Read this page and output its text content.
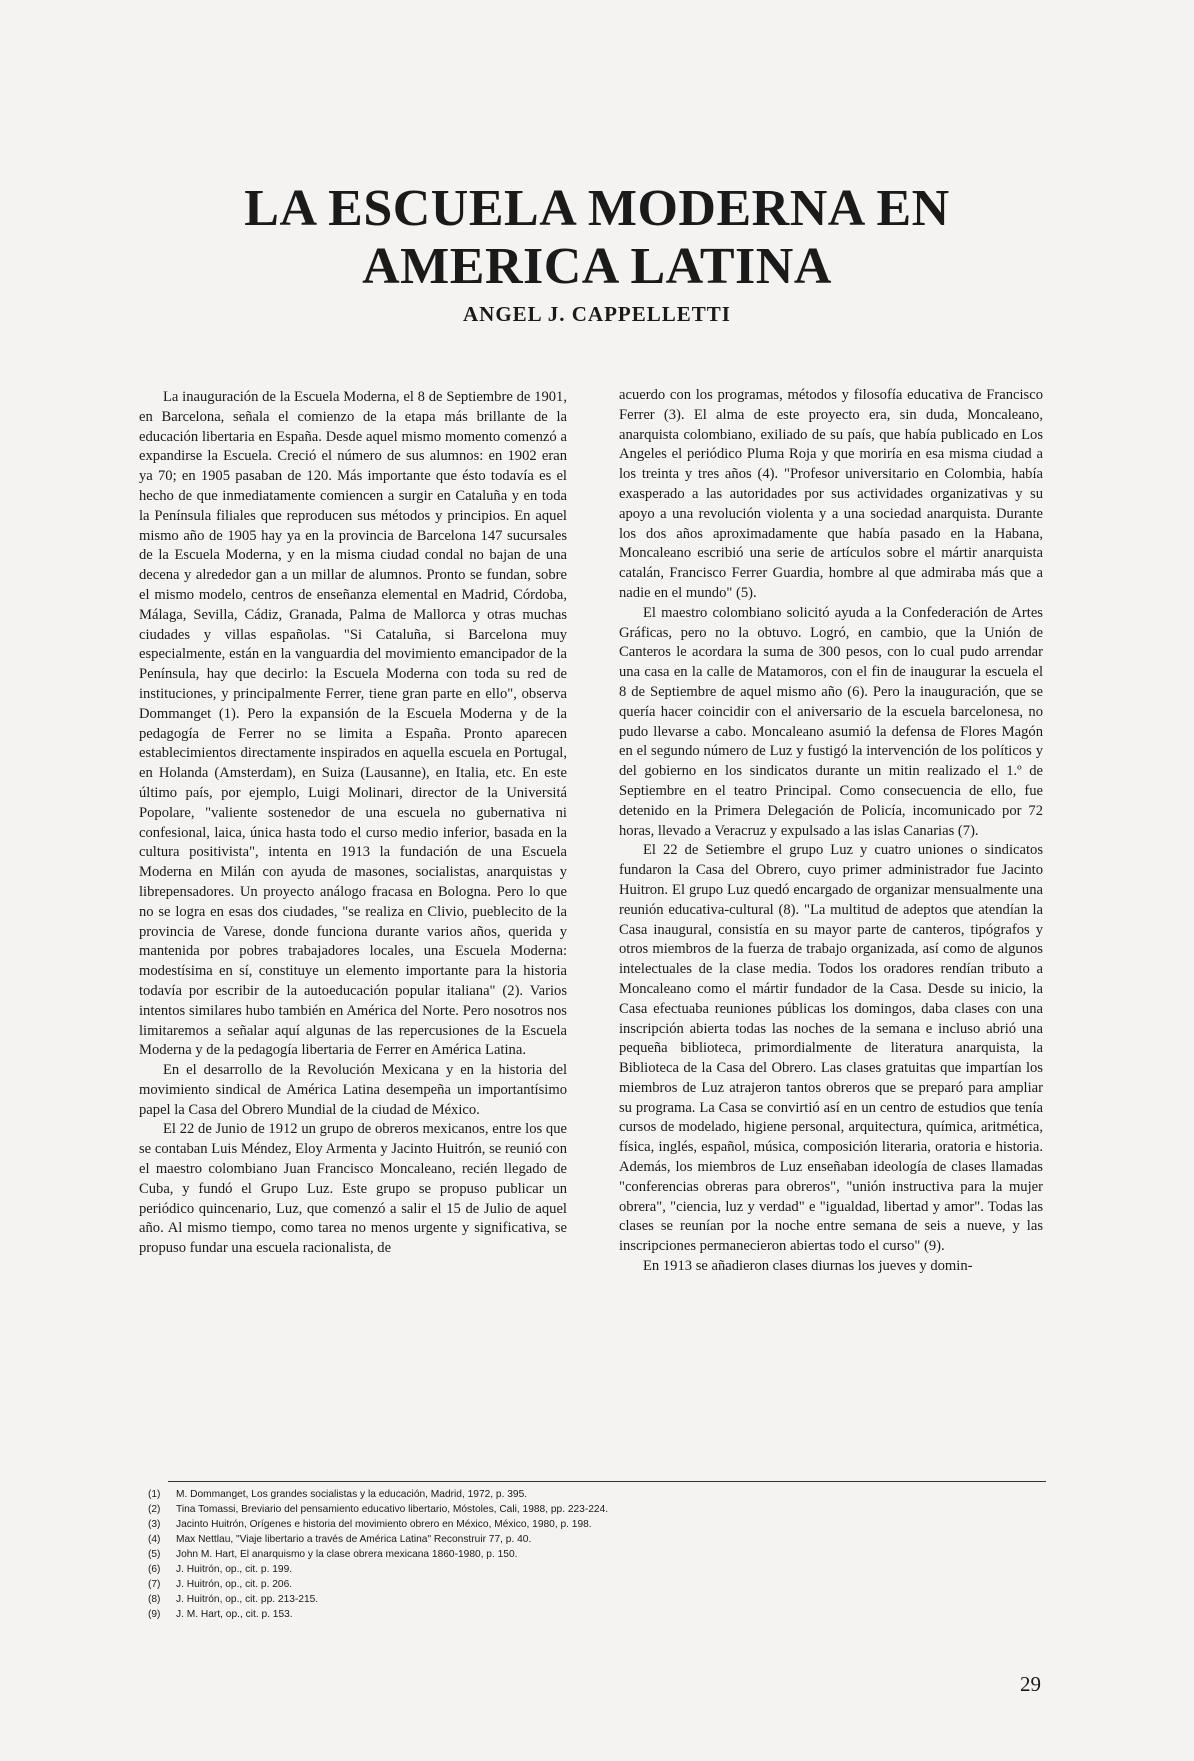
LA ESCUELA MODERNA EN
AMERICA LATINA

ANGEL J. CAPPELLETTI

La inauguración de la Escuela Moderna, el 8 de Septiembre de 1901, en Barcelona, señala el comienzo de la etapa más brillante de la educación libertaria en España. Desde aquel mismo momento comenzó a expandirse la Escuela. Creció el número de sus alumnos: en 1902 eran ya 70; en 1905 pasaban de 120. Más importante que ésto todavía es el hecho de que inmediatamente comiencen a surgir en Cataluña y en toda la Península filiales que reproducen sus métodos y principios. En aquel mismo año de 1905 hay ya en la provincia de Barcelona 147 sucursales de la Escuela Moderna, y en la misma ciudad condal no bajan de una decena y alrededor gan a un millar de alumnos. Pronto se fundan, sobre el mismo modelo, centros de enseñanza elemental en Madrid, Córdoba, Málaga, Sevilla, Cádiz, Granada, Palma de Mallorca y otras muchas ciudades y villas españolas. "Si Cataluña, si Barcelona muy especialmente, están en la vanguardia del movimiento emancipador de la Península, hay que decirlo: la Escuela Moderna con toda su red de instituciones, y principalmente Ferrer, tiene gran parte en ello", observa Dommanget (1). Pero la expansión de la Escuela Moderna y de la pedagogía de Ferrer no se limita a España. Pronto aparecen establecimientos directamente inspirados en aquella escuela en Portugal, en Holanda (Amsterdam), en Suiza (Lausanne), en Italia, etc. En este último país, por ejemplo, Luigi Molinari, director de la Universitá Popolare, "valiente sostenedor de una escuela no gubernativa ni confesional, laica, única hasta todo el curso medio inferior, basada en la cultura positivista", intenta en 1913 la fundación de una Escuela Moderna en Milán con ayuda de masones, socialistas, anarquistas y librepensadores. Un proyecto análogo fracasa en Bologna. Pero lo que no se logra en esas dos ciudades, "se realiza en Clivio, pueblecito de la provincia de Varese, donde funciona durante varios años, querida y mantenida por pobres trabajadores locales, una Escuela Moderna: modestísima en sí, constituye un elemento importante para la historia todavía por escribir de la autoeducación popular italiana" (2). Varios intentos similares hubo también en América del Norte. Pero nosotros nos limitaremos a señalar aquí algunas de las repercusiones de la Escuela Moderna y de la pedagogía libertaria de Ferrer en América Latina.

En el desarrollo de la Revolución Mexicana y en la historia del movimiento sindical de América Latina desempeña un importantísimo papel la Casa del Obrero Mundial de la ciudad de México.

El 22 de Junio de 1912 un grupo de obreros mexicanos, entre los que se contaban Luis Méndez, Eloy Armenta y Jacinto Huitrón, se reunió con el maestro colombiano Juan Francisco Moncaleano, recién llegado de Cuba, y fundó el Grupo Luz. Este grupo se propuso publicar un periódico quincenario, Luz, que comenzó a salir el 15 de Julio de aquel año. Al mismo tiempo, como tarea no menos urgente y significativa, se propuso fundar una escuela racionalista, de

acuerdo con los programas, métodos y filosofía educativa de Francisco Ferrer (3). El alma de este proyecto era, sin duda, Moncaleano, anarquista colombiano, exiliado de su país, que había publicado en Los Angeles el periódico Pluma Roja y que moriría en esa misma ciudad a los treinta y tres años (4). "Profesor universitario en Colombia, había exasperado a las autoridades por sus actividades organizativas y su apoyo a una revolución violenta y a una sociedad anarquista. Durante los dos años aproximadamente que había pasado en la Habana, Moncaleano escribió una serie de artículos sobre el mártir anarquista catalán, Francisco Ferrer Guardia, hombre al que admiraba más que a nadie en el mundo" (5).

El maestro colombiano solicitó ayuda a la Confederación de Artes Gráficas, pero no la obtuvo. Logró, en cambio, que la Unión de Canteros le acordara la suma de 300 pesos, con lo cual pudo arrendar una casa en la calle de Matamoros, con el fin de inaugurar la escuela el 8 de Septiembre de aquel mismo año (6). Pero la inauguración, que se quería hacer coincidir con el aniversario de la escuela barcelonesa, no pudo llevarse a cabo. Moncaleano asumió la defensa de Flores Magón en el segundo número de Luz y fustigó la intervención de los políticos y del gobierno en los sindicatos durante un mitin realizado el 1.º de Septiembre en el teatro Principal. Como consecuencia de ello, fue detenido en la Primera Delegación de Policía, incomunicado por 72 horas, llevado a Veracruz y expulsado a las islas Canarias (7).

El 22 de Setiembre el grupo Luz y cuatro uniones o sindicatos fundaron la Casa del Obrero, cuyo primer administrador fue Jacinto Huitron. El grupo Luz quedó encargado de organizar mensualmente una reunión educativa-cultural (8). "La multitud de adeptos que atendían la Casa inaugural, consistía en su mayor parte de canteros, tipógrafos y otros miembros de la fuerza de trabajo organizada, así como de algunos intelectuales de la clase media. Todos los oradores rendían tributo a Moncaleano como el mártir fundador de la Casa. Desde su inicio, la Casa efectuaba reuniones públicas los domingos, daba clases con una inscripción abierta todas las noches de la semana e incluso abrió una pequeña biblioteca, primordialmente de literatura anarquista, la Biblioteca de la Casa del Obrero. Las clases gratuitas que impartían los miembros de Luz atrajeron tantos obreros que se preparó para ampliar su programa. La Casa se convirtió así en un centro de estudios que tenía cursos de modelado, higiene personal, arquitectura, química, aritmética, física, inglés, español, música, composición literaria, oratoria e historia. Además, los miembros de Luz enseñaban ideología de clases llamadas "conferencias obreras para obreros", "unión instructiva para la mujer obrera", "ciencia, luz y verdad" e "igualdad, libertad y amor". Todas las clases se reunían por la noche entre semana de seis a nueve, y las inscripciones permanecieron abiertas todo el curso" (9).

En 1913 se añadieron clases diurnas los jueves y domin-

(1)	M. Dommanget, Los grandes socialistas y la educación, Madrid, 1972, p. 395.
(2)	Tina Tomassi, Breviario del pensamiento educativo libertario, Móstoles, Cali, 1988, pp. 223-224.
(3)	Jacinto Huitrón, Orígenes e historia del movimiento obrero en México, México, 1980, p. 198.
(4)	Max Nettlau, "Viaje libertario a través de América Latina" Reconstruir 77, p. 40.
(5)	John M. Hart, El anarquismo y la clase obrera mexicana 1860-1980, p. 150.
(6)	J. Huitrón, op., cit. p. 199.
(7)	J. Huitrón, op., cit. p. 206.
(8)	J. Huitrón, op., cit. pp. 213-215.
(9)	J. M. Hart, op., cit. p. 153.
29
